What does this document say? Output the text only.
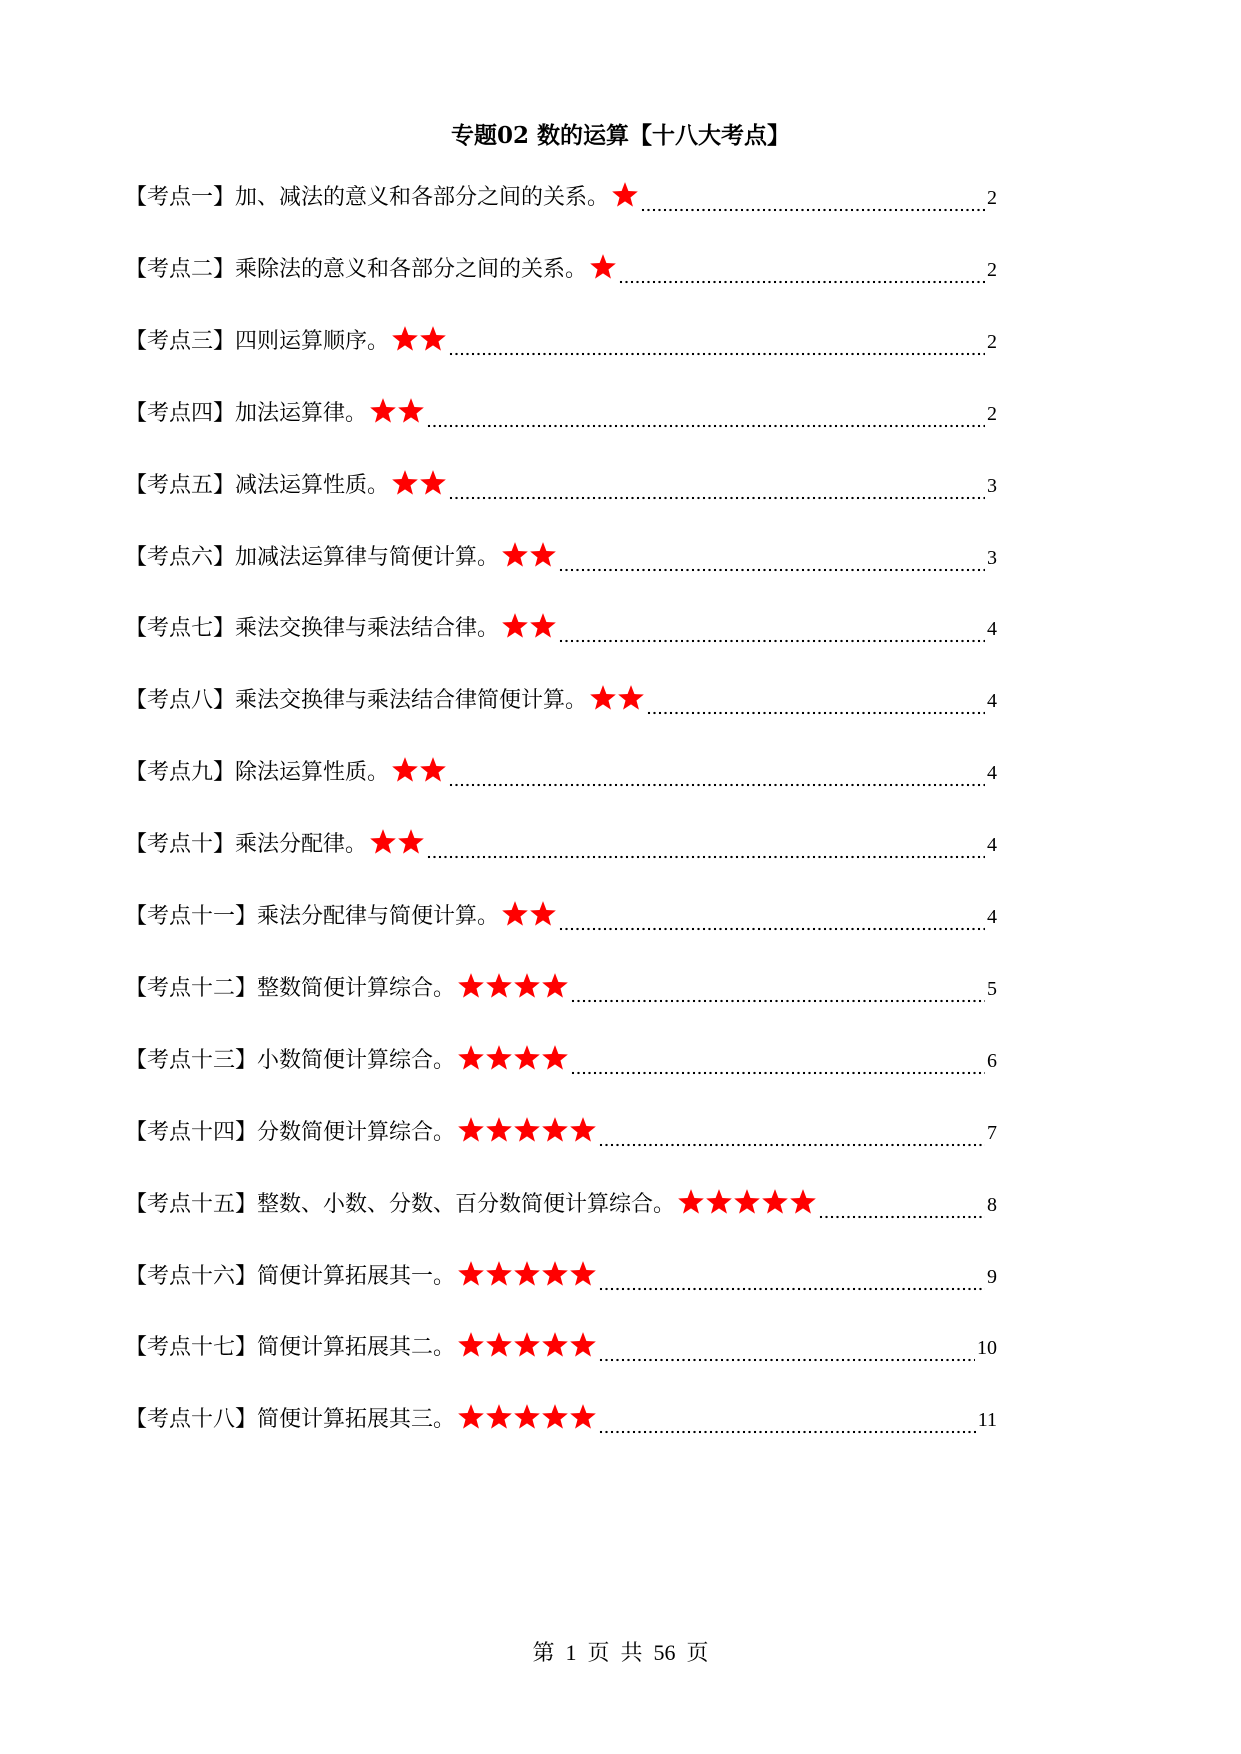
专题02 数的运算【十八大考点】
【考点一】加、减法的意义和各部分之间的关系。	2
【考点二】乘除法的意义和各部分之间的关系。	2
【考点三】四则运算顺序。	2
【考点四】加法运算律。	2
【考点五】减法运算性质。	3
【考点六】加减法运算律与简便计算。	3
【考点七】乘法交换律与乘法结合律。	4
【考点八】乘法交换律与乘法结合律简便计算。	4
【考点九】除法运算性质。	4
【考点十】乘法分配律。	4
【考点十一】乘法分配律与简便计算。	4
【考点十二】整数简便计算综合。	5
【考点十三】小数简便计算综合。	6
【考点十四】分数简便计算综合。	7
【考点十五】整数、小数、分数、百分数简便计算综合。	8
【考点十六】简便计算拓展其一。	9
【考点十七】简便计算拓展其二。	10
【考点十八】简便计算拓展其三。	11
第  1  页  共  56  页
